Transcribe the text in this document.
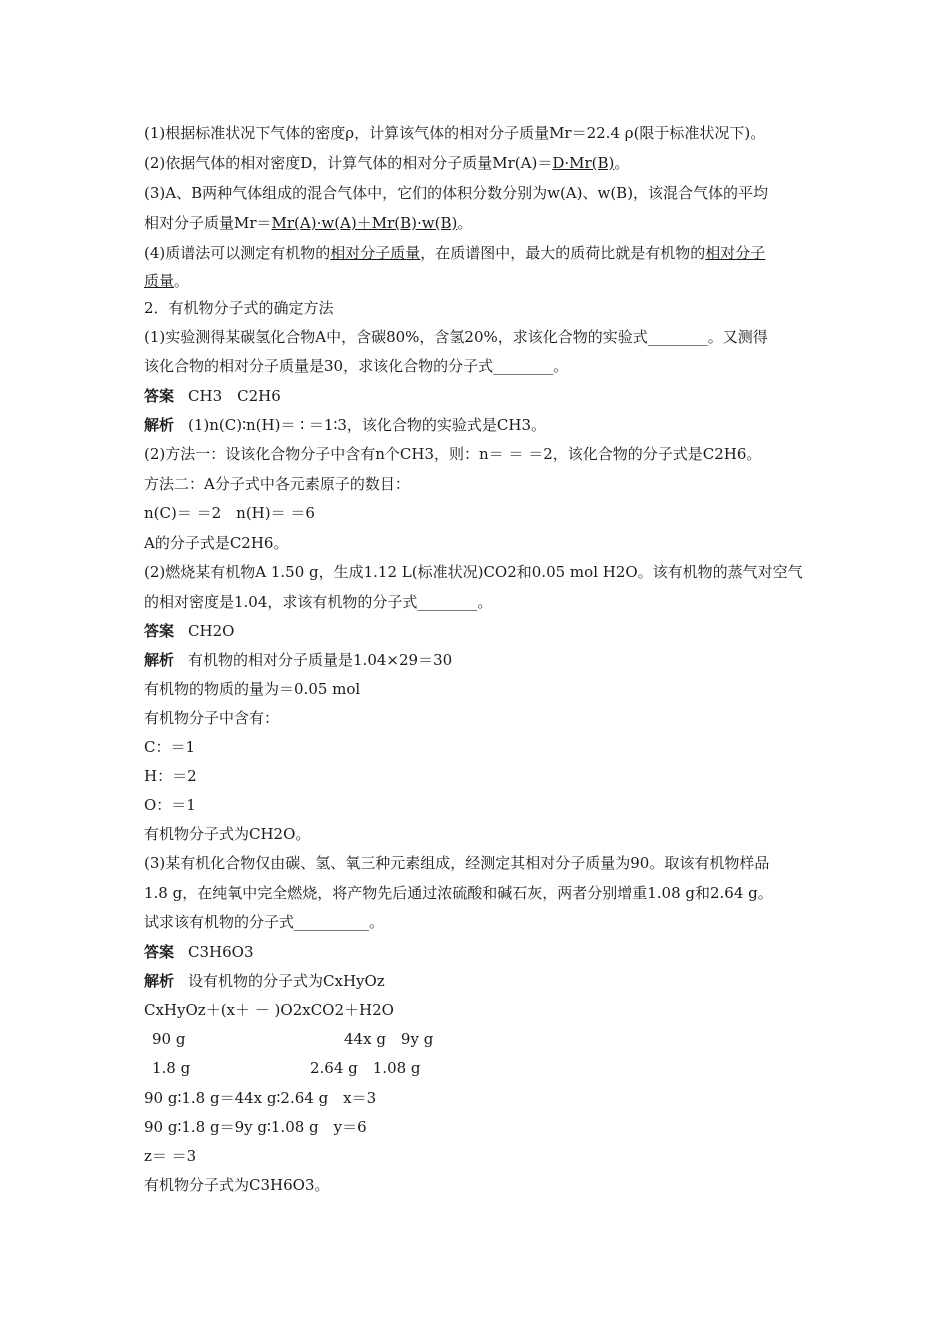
(1)根据标准状况下气体的密度ρ，计算该气体的相对分子质量Mr＝22.4 ρ(限于标准状况下)。
(2)依据气体的相对密度D，计算气体的相对分子质量Mr(A)＝D·Mr(B)。
(3)A、B两种气体组成的混合气体中，它们的体积分数分别为w(A)、w(B)，该混合气体的平均
相对分子质量Mr＝Mr(A)·w(A)＋Mr(B)·w(B)。
(4)质谱法可以测定有机物的相对分子质量，在质谱图中，最大的质荷比就是有机物的相对分子
质量。
2．有机物分子式的确定方法
(1)实验测得某碳氢化合物A中，含碳80%，含氢20%，求该化合物的实验式________。又测得
该化合物的相对分子质量是30，求该化合物的分子式________。
答案 CH3　C2H6
解析 (1)n(C)∶n(H)＝ ∶ ＝1∶3，该化合物的实验式是CH3。
(2)方法一：设该化合物分子中含有n个CH3，则：n＝ ＝ ＝2，该化合物的分子式是C2H6。
方法二：A分子式中各元素原子的数目：
n(C)＝ ＝2　n(H)＝ ＝6
A的分子式是C2H6。
(2)燃烧某有机物A 1.50 g，生成1.12 L(标准状况)CO2和0.05 mol H2O。该有机物的蒸气对空气
的相对密度是1.04，求该有机物的分子式________。
答案 CH2O
解析 有机物的相对分子质量是1.04×29＝30
有机物的物质的量为＝0.05 mol
有机物分子中含有：
C：＝1
H：＝2
O：＝1
有机物分子式为CH2O。
(3)某有机化合物仅由碳、氢、氧三种元素组成，经测定其相对分子质量为90。取该有机物样品
1.8 g，在纯氧中完全燃烧，将产物先后通过浓硫酸和碱石灰，两者分别增重1.08 g和2.64 g。
试求该有机物的分子式__________。
答案 C3H6O3
解析 设有机物的分子式为CxHyOz
CxHyOz＋(x＋ － )O2xCO2＋H2O
90 g	44x g　9y g
1.8 g	2.64 g　1.08 g
90 g∶1.8 g＝44x g∶2.64 g　x＝3
90 g∶1.8 g＝9y g∶1.08 g　y＝6
z＝ ＝3
有机物分子式为C3H6O3。
